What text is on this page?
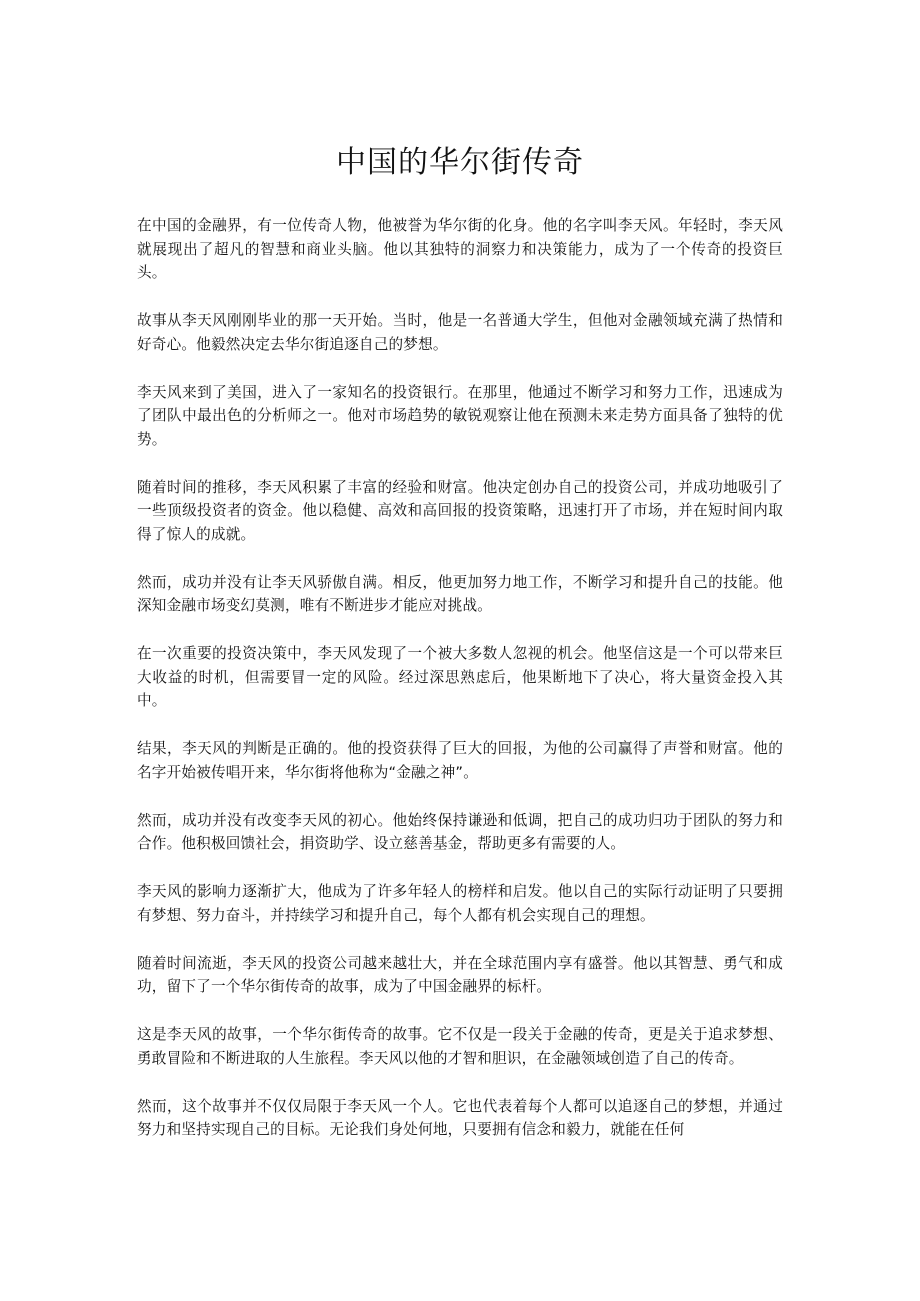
中国的华尔街传奇

在中国的金融界，有一位传奇人物，他被誉为华尔街的化身。他的名字叫李天风。年轻时，李天风就展现出了超凡的智慧和商业头脑。他以其独特的洞察力和决策能力，成为了一个传奇的投资巨头。

故事从李天风刚刚毕业的那一天开始。当时，他是一名普通大学生，但他对金融领域充满了热情和好奇心。他毅然决定去华尔街追逐自己的梦想。

李天风来到了美国，进入了一家知名的投资银行。在那里，他通过不断学习和努力工作，迅速成为了团队中最出色的分析师之一。他对市场趋势的敏锐观察让他在预测未来走势方面具备了独特的优势。

随着时间的推移，李天风积累了丰富的经验和财富。他决定创办自己的投资公司，并成功地吸引了一些顶级投资者的资金。他以稳健、高效和高回报的投资策略，迅速打开了市场，并在短时间内取得了惊人的成就。

然而，成功并没有让李天风骄傲自满。相反，他更加努力地工作，不断学习和提升自己的技能。他深知金融市场变幻莫测，唯有不断进步才能应对挑战。

在一次重要的投资决策中，李天风发现了一个被大多数人忽视的机会。他坚信这是一个可以带来巨大收益的时机，但需要冒一定的风险。经过深思熟虑后，他果断地下了决心，将大量资金投入其中。

结果，李天风的判断是正确的。他的投资获得了巨大的回报，为他的公司赢得了声誉和财富。他的名字开始被传唱开来，华尔街将他称为“金融之神”。

然而，成功并没有改变李天风的初心。他始终保持谦逊和低调，把自己的成功归功于团队的努力和合作。他积极回馈社会，捐资助学、设立慈善基金，帮助更多有需要的人。

李天风的影响力逐渐扩大，他成为了许多年轻人的榜样和启发。他以自己的实际行动证明了只要拥有梦想、努力奋斗，并持续学习和提升自己，每个人都有机会实现自己的理想。

随着时间流逝，李天风的投资公司越来越壮大，并在全球范围内享有盛誉。他以其智慧、勇气和成功，留下了一个华尔街传奇的故事，成为了中国金融界的标杆。

这是李天风的故事，一个华尔街传奇的故事。它不仅是一段关于金融的传奇，更是关于追求梦想、勇敢冒险和不断进取的人生旅程。李天风以他的才智和胆识，在金融领域创造了自己的传奇。

然而，这个故事并不仅仅局限于李天风一个人。它也代表着每个人都可以追逐自己的梦想，并通过努力和坚持实现自己的目标。无论我们身处何地，只要拥有信念和毅力，就能在任何
